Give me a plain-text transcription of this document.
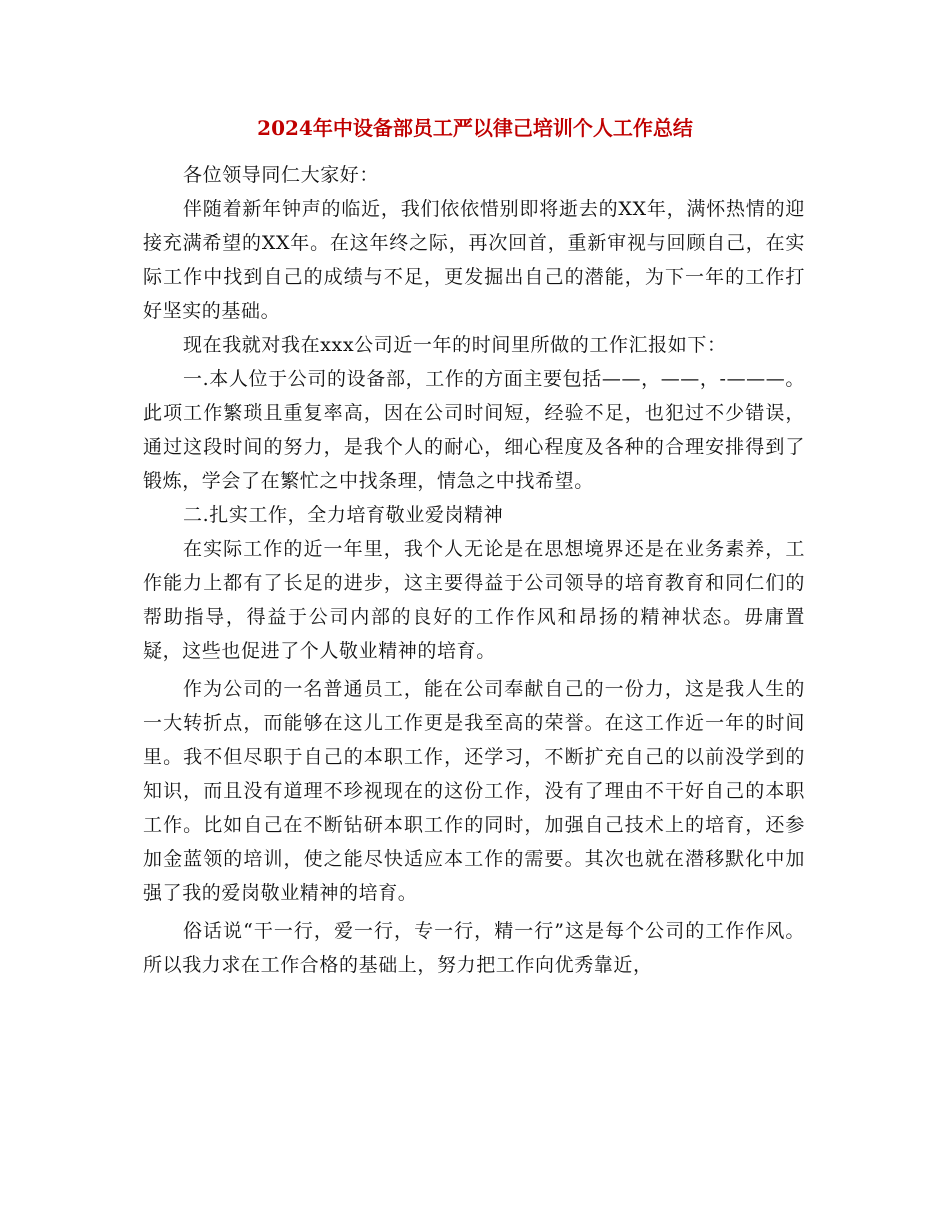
2024年中设备部员工严以律己培训个人工作总结

各位领导同仁大家好：

伴随着新年钟声的临近，我们依依惜别即将逝去的XX年，满怀热情的迎接充满希望的XX年。在这年终之际，再次回首，重新审视与回顾自己，在实际工作中找到自己的成绩与不足，更发掘出自己的潜能，为下一年的工作打好坚实的基础。

现在我就对我在xxx公司近一年的时间里所做的工作汇报如下：

一.本人位于公司的设备部，工作的方面主要包括——，——，-———。此项工作繁琐且重复率高，因在公司时间短，经验不足，也犯过不少错误，通过这段时间的努力，是我个人的耐心，细心程度及各种的合理安排得到了锻炼，学会了在繁忙之中找条理，情急之中找希望。

二.扎实工作，全力培育敬业爱岗精神

在实际工作的近一年里，我个人无论是在思想境界还是在业务素养，工作能力上都有了长足的进步，这主要得益于公司领导的培育教育和同仁们的帮助指导，得益于公司内部的良好的工作作风和昂扬的精神状态。毋庸置疑，这些也促进了个人敬业精神的培育。

作为公司的一名普通员工，能在公司奉献自己的一份力，这是我人生的一大转折点，而能够在这儿工作更是我至高的荣誉。在这工作近一年的时间里。我不但尽职于自己的本职工作，还学习，不断扩充自己的以前没学到的知识，而且没有道理不珍视现在的这份工作，没有了理由不干好自己的本职工作。比如自己在不断钻研本职工作的同时，加强自己技术上的培育，还参加金蓝领的培训，使之能尽快适应本工作的需要。其次也就在潜移默化中加强了我的爱岗敬业精神的培育。

俗话说“干一行，爱一行，专一行，精一行”这是每个公司的工作作风。所以我力求在工作合格的基础上，努力把工作向优秀靠近，
